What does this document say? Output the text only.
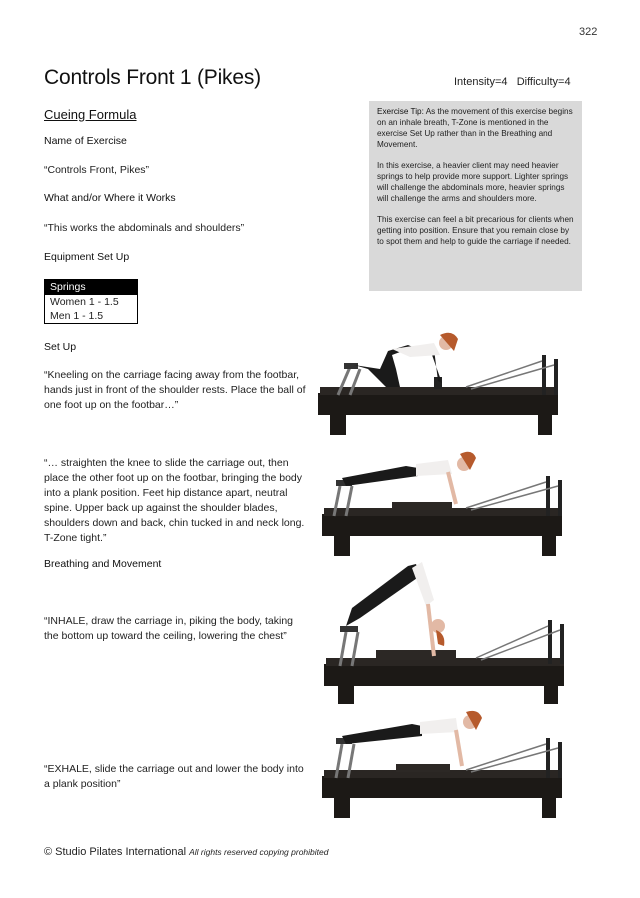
322
Controls Front 1 (Pikes)	Intensity=4 Difficulty=4
Cueing Formula
Name of Exercise
“Controls Front, Pikes”
What and/or Where it Works
“This works the abdominals and shoulders”
Equipment Set Up
Springs
Women 1 - 1.5
Men 1 - 1.5
Set Up
“Kneeling on the carriage facing away from the footbar, hands just in front of the shoulder rests. Place the ball of one foot up on the footbar…”
“… straighten the knee to slide the carriage out, then place the other foot up on the footbar, bringing the body into a plank position. Feet hip distance apart, neutral spine. Upper back up against the shoulder blades, shoulders down and back, chin tucked in and neck long. T-Zone tight.”
Breathing and Movement
“INHALE, draw the carriage in, piking the body, taking the bottom up toward the ceiling, lowering the chest”
“EXHALE, slide the carriage out and lower the body into a plank position”

Exercise Tip: As the movement of this exercise begins on an inhale breath, T-Zone is mentioned in the exercise Set Up rather than in the Breathing and Movement.

In this exercise, a heavier client may need heavier springs to help provide more support. Lighter springs will challenge the abdominals more, heavier springs will challenge the arms and shoulders more.

This exercise can feel a bit precarious for clients when getting into position. Ensure that you remain close by to spot them and help to guide the carriage if needed.

© Studio Pilates International All rights reserved copying prohibited
